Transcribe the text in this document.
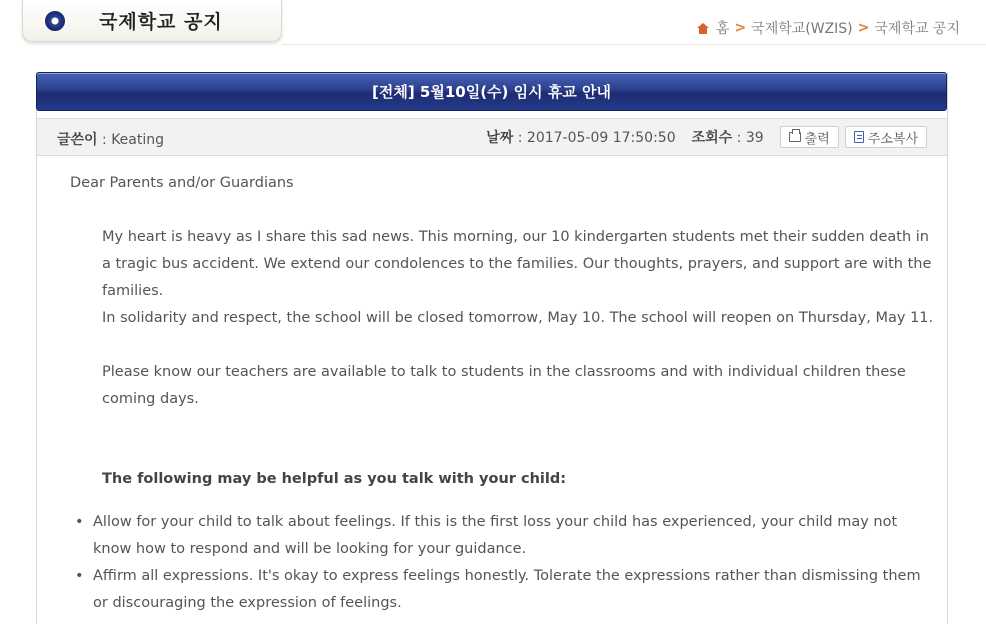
국제학교 공지	홈 > 국제학교(WZIS) > 국제학교 공지
[전체] 5월10일(수) 임시 휴교 안내
글쓴이 : Keating	날짜 : 2017-05-09 17:50:50 조회수 : 39	출력	주소복사
Dear Parents and/or Guardians

My heart is heavy as I share this sad news. This morning, our 10 kindergarten students met their sudden death in a tragic bus accident. We extend our condolences to the families. Our thoughts, prayers, and support are with the families.

In solidarity and respect, the school will be closed tomorrow, May 10. The school will reopen on Thursday, May 11.

Please know our teachers are available to talk to students in the classrooms and with individual children these coming days.

The following may be helpful as you talk with your child:
• Allow for your child to talk about feelings. If this is the first loss your child has experienced, your child may not know how to respond and will be looking for your guidance.
• Affirm all expressions. It's okay to express feelings honestly. Tolerate the expressions rather than dismissing them or discouraging the expression of feelings.
